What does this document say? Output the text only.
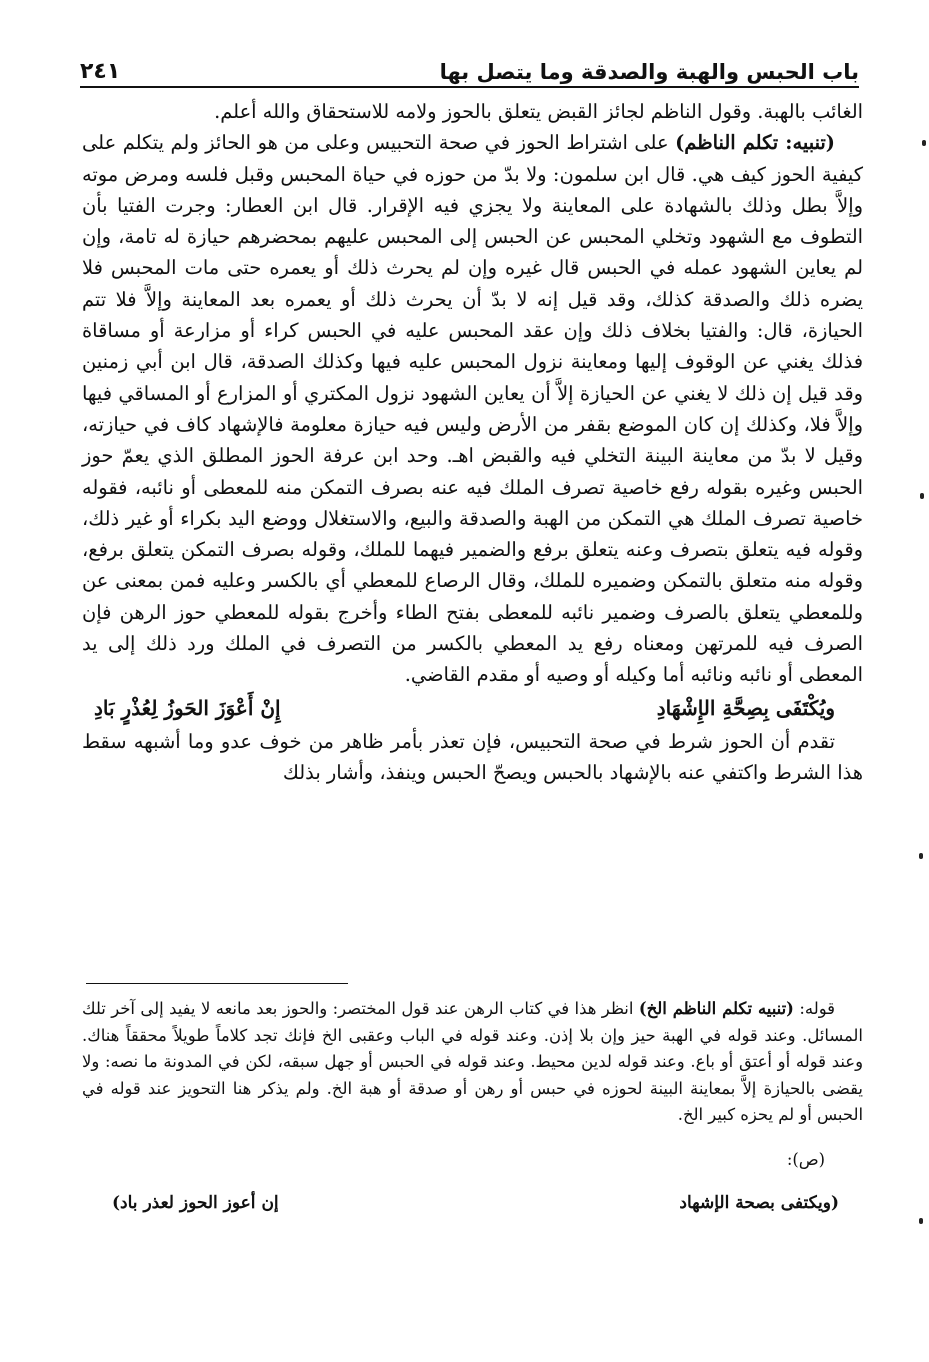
باب الحبس والهبة والصدقة وما يتصل بها
٢٤١

الغائب بالهبة. وقول الناظم لجائز القبض يتعلق بالحوز ولامه للاستحقاق والله أعلم.

(تنبيه: تكلم الناظم) على اشتراط الحوز في صحة التحبيس وعلى من هو الحائز ولم يتكلم على كيفية الحوز كيف هي. قال ابن سلمون: ولا بدّ من حوزه في حياة المحبس وقبل فلسه ومرض موته وإلاَّ بطل وذلك بالشهادة على المعاينة ولا يجزي فيه الإقرار. قال ابن العطار: وجرت الفتيا بأن التطوف مع الشهود وتخلي المحبس عن الحبس إلى المحبس عليهم بمحضرهم حيازة له تامة، وإن لم يعاين الشهود عمله في الحبس قال غيره وإن لم يحرث ذلك أو يعمره حتى مات المحبس فلا يضره ذلك والصدقة كذلك، وقد قيل إنه لا بدّ أن يحرث ذلك أو يعمره بعد المعاينة وإلاَّ فلا تتم الحيازة، قال: والفتيا بخلاف ذلك وإن عقد المحبس عليه في الحبس كراء أو مزارعة أو مساقاة فذلك يغني عن الوقوف إليها ومعاينة نزول المحبس عليه فيها وكذلك الصدقة، قال ابن أبي زمنين وقد قيل إن ذلك لا يغني عن الحيازة إلاَّ أن يعاين الشهود نزول المكتري أو المزارع أو المساقي فيها وإلاَّ فلا، وكذلك إن كان الموضع بقفر من الأرض وليس فيه حيازة معلومة فالإشهاد كاف في حيازته، وقيل لا بدّ من معاينة البينة التخلي فيه والقبض اهـ. وحد ابن عرفة الحوز المطلق الذي يعمّ حوز الحبس وغيره بقوله رفع خاصية تصرف الملك فيه عنه بصرف التمكن منه للمعطى أو نائبه، فقوله خاصية تصرف الملك هي التمكن من الهبة والصدقة والبيع، والاستغلال ووضع اليد بكراء أو غير ذلك، وقوله فيه يتعلق بتصرف وعنه يتعلق برفع والضمير فيهما للملك، وقوله بصرف التمكن يتعلق برفع، وقوله منه متعلق بالتمكن وضميره للملك، وقال الرصاع للمعطي أي بالكسر وعليه فمن بمعنى عن وللمعطي يتعلق بالصرف وضمير نائبه للمعطى بفتح الطاء وأخرج بقوله للمعطي حوز الرهن فإن الصرف فيه للمرتهن ومعناه رفع يد المعطي بالكسر من التصرف في الملك ورد ذلك إلى يد المعطى أو نائبه ونائبه أما وكيله أو وصيه أو مقدم القاضي.

ويُكْتَفَى بِصِحَّةِ الإِشْهَادِ
إِنْ أَعْوَزَ الحَوزُ لِعُذْرٍ بَادِ

تقدم أن الحوز شرط في صحة التحبيس، فإن تعذر بأمر ظاهر من خوف عدو وما أشبهه سقط هذا الشرط واكتفي عنه بالإشهاد بالحبس ويصحّ الحبس وينفذ، وأشار بذلك

قوله: (تنبيه تكلم الناظم الخ) انظر هذا في كتاب الرهن عند قول المختصر: والحوز بعد مانعه لا يفيد إلى آخر تلك المسائل. وعند قوله في الهبة حيز وإن بلا إذن. وعند قوله في الباب وعقبى الخ فإنك تجد كلاماً طويلاً محققاً هناك. وعند قوله أو أعتق أو باع. وعند قوله لدين محيط. وعند قوله في الحبس أو جهل سبقه، لكن في المدونة ما نصه: ولا يقضى بالحيازة إلاَّ بمعاينة البينة لحوزه في حبس أو رهن أو صدقة أو هبة الخ. ولم يذكر هنا التحويز عند قوله في الحبس أو لم يحزه كبير الخ.

(ص):

(ويكتفى بصحة الإشهاد
إن أعوز الحوز لعذر باد)
